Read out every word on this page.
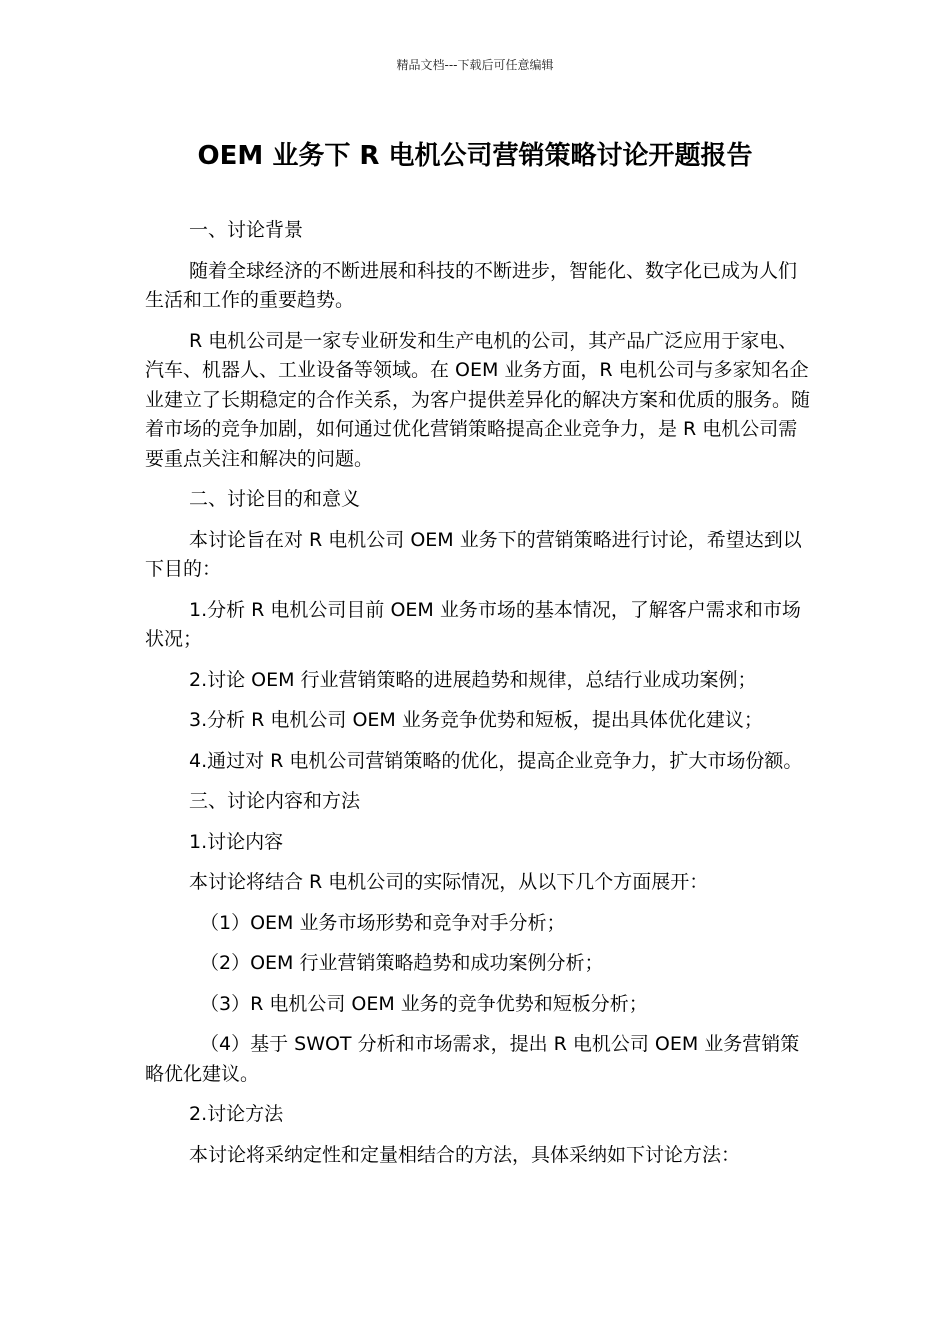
精品文档---下载后可任意编辑
OEM 业务下 R 电机公司营销策略讨论开题报告

一、讨论背景

随着全球经济的不断进展和科技的不断进步，智能化、数字化已成为人们生活和工作的重要趋势。

R 电机公司是一家专业研发和生产电机的公司，其产品广泛应用于家电、汽车、机器人、工业设备等领域。在 OEM 业务方面，R 电机公司与多家知名企业建立了长期稳定的合作关系，为客户提供差异化的解决方案和优质的服务。随着市场的竞争加剧，如何通过优化营销策略提高企业竞争力，是 R 电机公司需要重点关注和解决的问题。

二、讨论目的和意义

本讨论旨在对 R 电机公司 OEM 业务下的营销策略进行讨论，希望达到以下目的：

1.分析 R 电机公司目前 OEM 业务市场的基本情况，了解客户需求和市场状况；

2.讨论 OEM 行业营销策略的进展趋势和规律，总结行业成功案例；

3.分析 R 电机公司 OEM 业务竞争优势和短板，提出具体优化建议；

4.通过对 R 电机公司营销策略的优化，提高企业竞争力，扩大市场份额。

三、讨论内容和方法

1.讨论内容

本讨论将结合 R 电机公司的实际情况，从以下几个方面展开：

（1）OEM 业务市场形势和竞争对手分析；

（2）OEM 行业营销策略趋势和成功案例分析；

（3）R 电机公司 OEM 业务的竞争优势和短板分析；

（4）基于 SWOT 分析和市场需求，提出 R 电机公司 OEM 业务营销策略优化建议。

2.讨论方法

本讨论将采纳定性和定量相结合的方法，具体采纳如下讨论方法：
